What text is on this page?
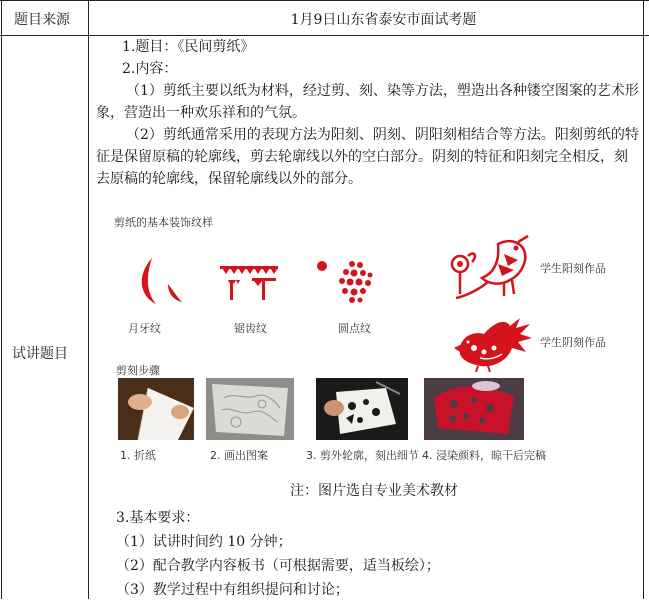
题目来源	1月9日山东省泰安市面试考题
试讲题目

1.题目：《民间剪纸》

2.内容：

（1）剪纸主要以纸为材料，经过剪、刻、染等方法，塑造出各种镂空图案的艺术形象，营造出一种欢乐祥和的气氛。

（2）剪纸通常采用的表现方法为阳刻、阴刻、阴阳刻相结合等方法。阳刻剪纸的特征是保留原稿的轮廓线，剪去轮廓线以外的空白部分。阴刻的特征和阳刻完全相反，刻去原稿的轮廓线，保留轮廓线以外的部分。

剪纸的基本装饰纹样
月牙纹	锯齿纹	圆点纹
学生阳刻作品
学生阴刻作品
剪刻步骤
1. 折纸	2. 画出图案	3. 剪外轮廓，刻出细节 4. 浸染颜料，晾干后完稿
注：图片选自专业美术教材

3.基本要求：

（1）试讲时间约 10 分钟；

（2）配合教学内容板书（可根据需要，适当板绘）；

（3）教学过程中有组织提问和讨论；
